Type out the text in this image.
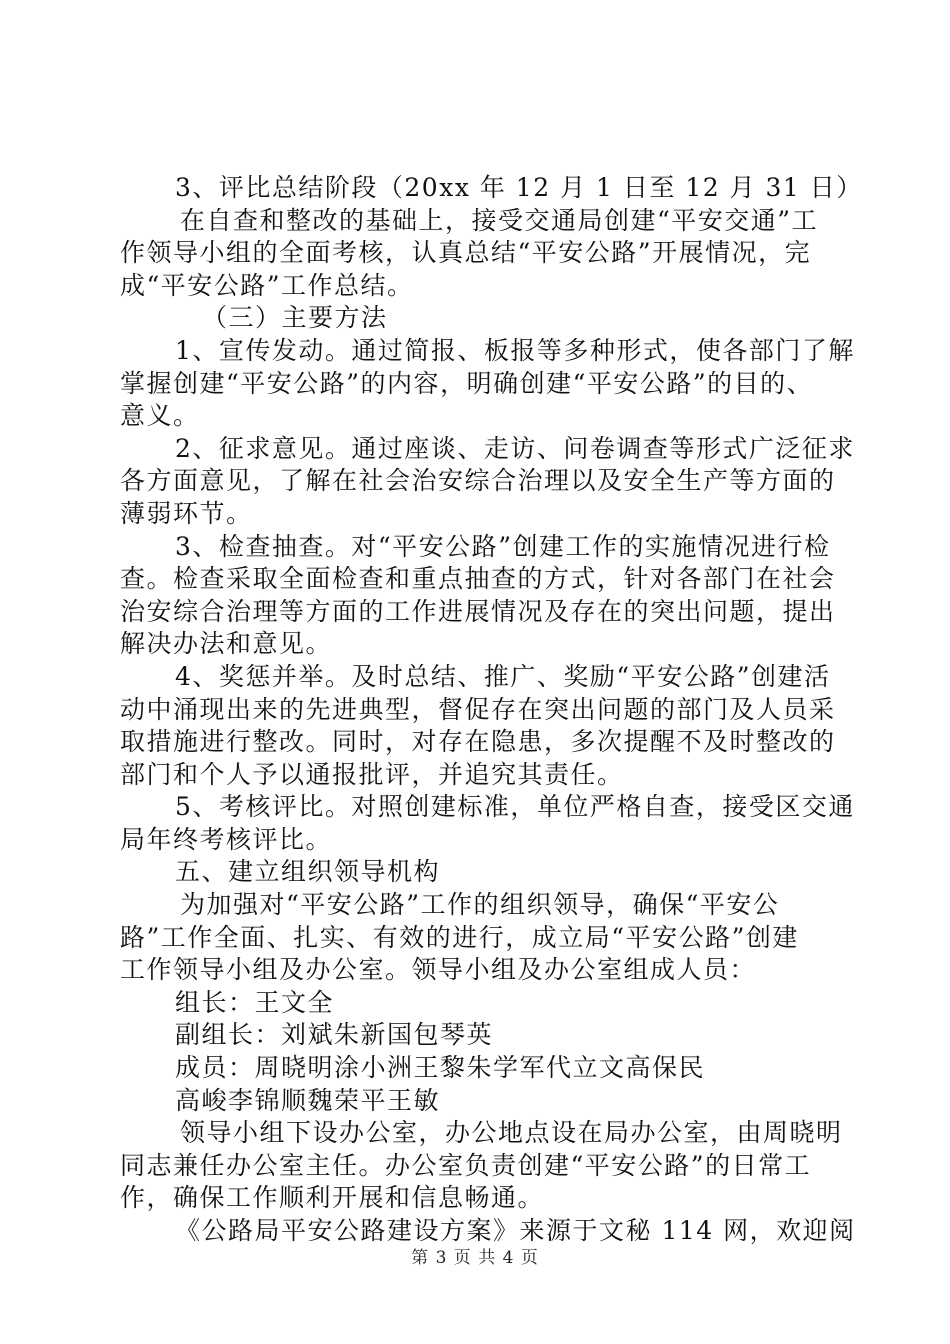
3、评比总结阶段（20xx 年 12 月 1 日至 12 月 31 日）
在自查和整改的基础上，接受交通局创建“平安交通”工
作领导小组的全面考核，认真总结“平安公路”开展情况，完
成“平安公路”工作总结。
（三）主要方法
1、宣传发动。通过简报、板报等多种形式，使各部门了解
掌握创建“平安公路”的内容，明确创建“平安公路”的目的、
意义。
2、征求意见。通过座谈、走访、问卷调查等形式广泛征求
各方面意见，了解在社会治安综合治理以及安全生产等方面的
薄弱环节。
3、检查抽查。对“平安公路”创建工作的实施情况进行检
查。检查采取全面检查和重点抽查的方式，针对各部门在社会
治安综合治理等方面的工作进展情况及存在的突出问题，提出
解决办法和意见。
4、奖惩并举。及时总结、推广、奖励“平安公路”创建活
动中涌现出来的先进典型，督促存在突出问题的部门及人员采
取措施进行整改。同时，对存在隐患，多次提醒不及时整改的
部门和个人予以通报批评，并追究其责任。
5、考核评比。对照创建标准，单位严格自查，接受区交通
局年终考核评比。
五、建立组织领导机构
为加强对“平安公路”工作的组织领导，确保“平安公
路”工作全面、扎实、有效的进行，成立局“平安公路”创建
工作领导小组及办公室。领导小组及办公室组成人员：
组长：王文全
副组长：刘斌朱新国包琴英
成员：周晓明涂小洲王黎朱学军代立文高保民
高峻李锦顺魏荣平王敏
领导小组下设办公室，办公地点设在局办公室，由周晓明
同志兼任办公室主任。办公室负责创建“平安公路”的日常工
作，确保工作顺利开展和信息畅通。
《公路局平安公路建设方案》来源于文秘 114 网，欢迎阅
第 3 页 共 4 页
